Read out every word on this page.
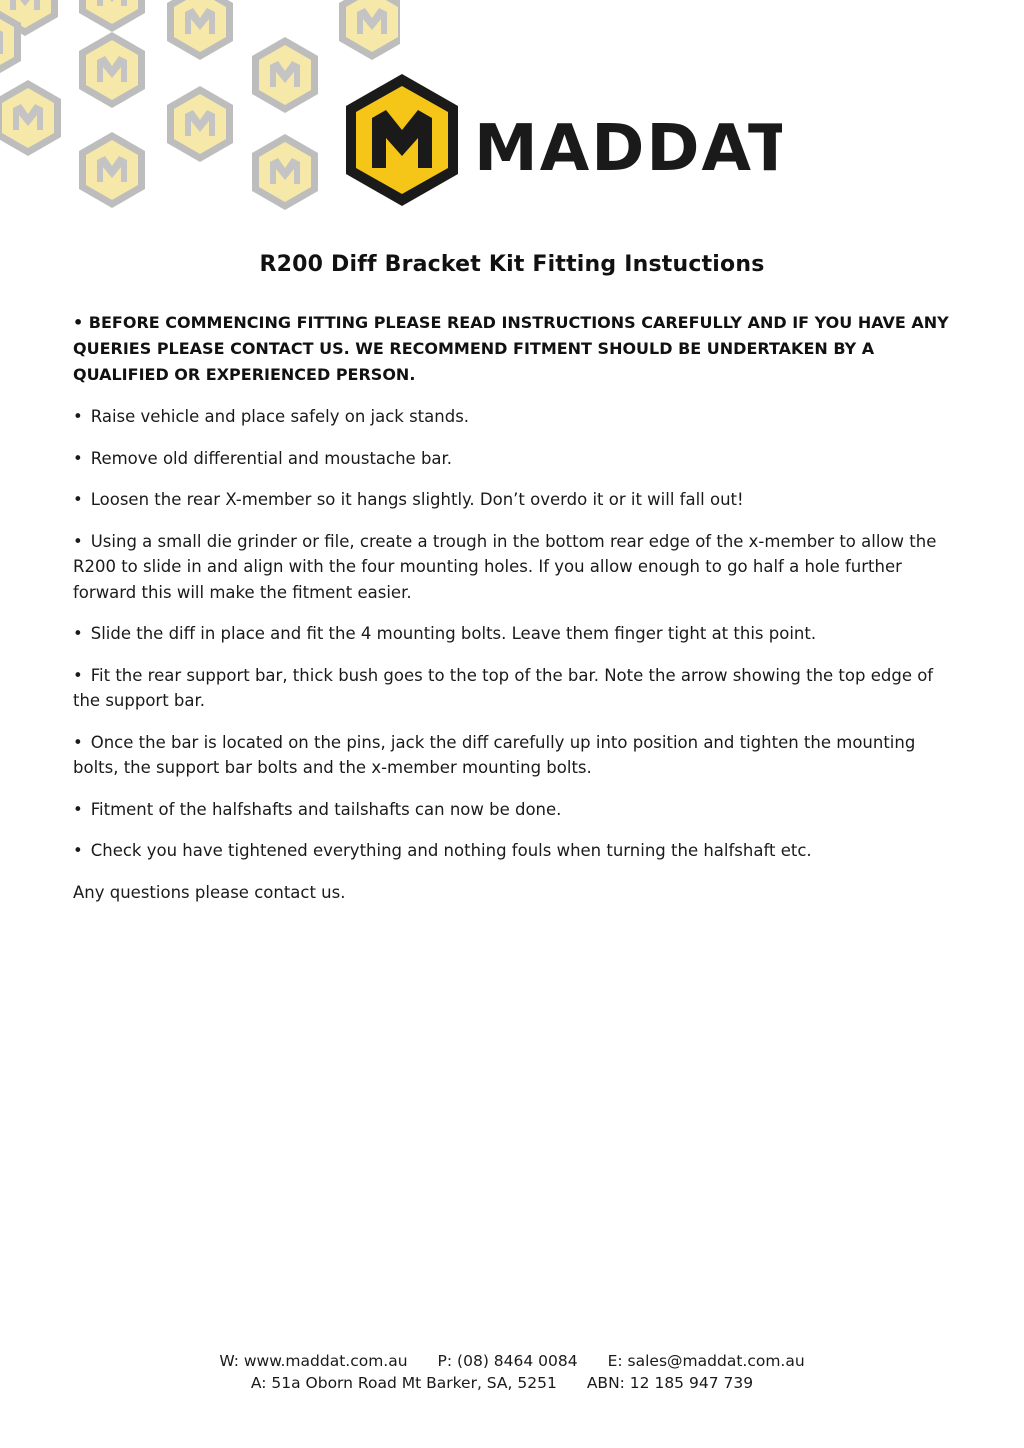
MADDAT
R200 Diff Bracket Kit Fitting Instuctions

• BEFORE COMMENCING FITTING PLEASE READ INSTRUCTIONS CAREFULLY AND IF YOU HAVE ANY QUERIES PLEASE CONTACT US. WE RECOMMEND FITMENT SHOULD BE UNDERTAKEN BY A QUALIFIED OR EXPERIENCED PERSON.

• Raise vehicle and place safely on jack stands.
• Remove old differential and moustache bar.
• Loosen the rear X-member so it hangs slightly. Don’t overdo it or it will fall out!
• Using a small die grinder or file, create a trough in the bottom rear edge of the x-member to allow the R200 to slide in and align with the four mounting holes. If you allow enough to go half a hole further forward this will make the fitment easier.
• Slide the diff in place and fit the 4 mounting bolts. Leave them finger tight at this point.
• Fit the rear support bar, thick bush goes to the top of the bar. Note the arrow showing the top edge of the support bar.
• Once the bar is located on the pins, jack the diff carefully up into position and tighten the mounting bolts, the support bar bolts and the x-member mounting bolts.
• Fitment of the halfshafts and tailshafts can now be done.
• Check you have tightened everything and nothing fouls when turning the halfshaft etc.

Any questions please contact us.

W: www.maddat.com.au P: (08) 8464 0084 E: sales@maddat.com.au
A: 51a Oborn Road Mt Barker, SA, 5251 ABN: 12 185 947 739
